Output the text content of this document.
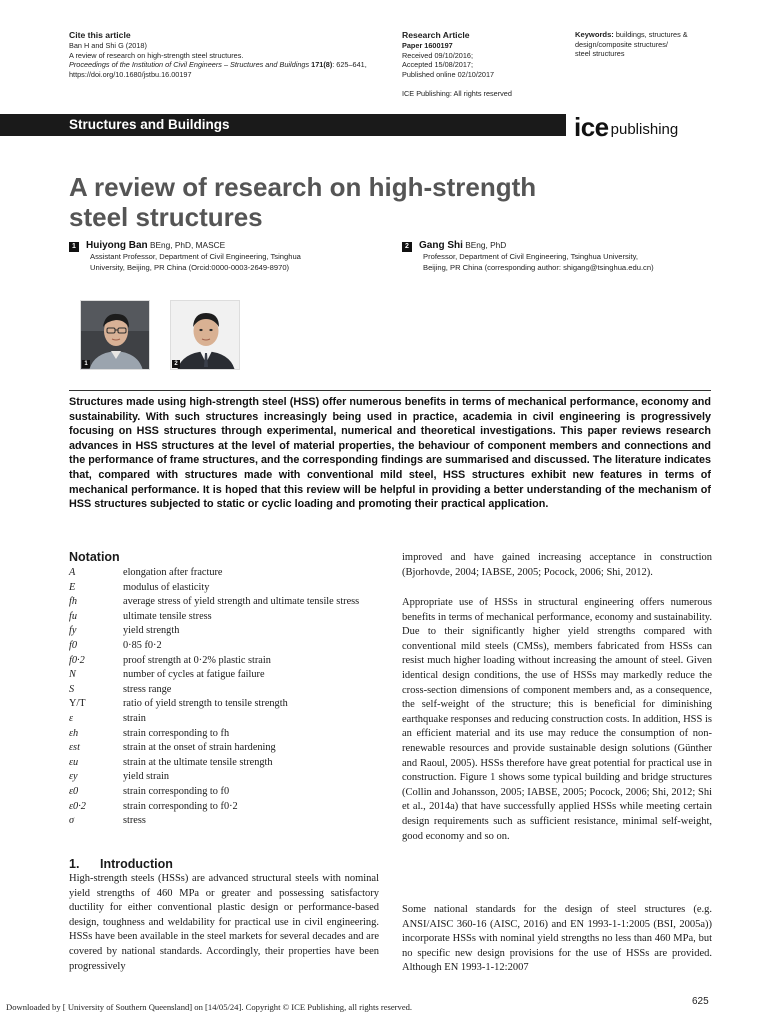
Cite this article
Ban H and Shi G (2018)
A review of research on high-strength steel structures.
Proceedings of the Institution of Civil Engineers – Structures and Buildings 171(8): 625–641,
https://doi.org/10.1680/jstbu.16.00197
Research Article
Paper 1600197
Received 09/10/2016;
Accepted 15/08/2017;
Published online 02/10/2017
ICE Publishing: All rights reserved
Keywords: buildings, structures &
design/composite structures/
steel structures
Structures and Buildings	ice publishing
A review of research on high-strength
steel structures
1 Huiyong Ban BEng, PhD, MASCE
Assistant Professor, Department of Civil Engineering, Tsinghua
University, Beijing, PR China (Orcid:0000-0003-2649-8970)
2 Gang Shi BEng, PhD
Professor, Department of Civil Engineering, Tsinghua University,
Beijing, PR China (corresponding author: shigang@tsinghua.edu.cn)
1	2
Structures made using high-strength steel (HSS) offer numerous benefits in terms of mechanical performance, economy and sustainability. With such structures increasingly being used in practice, academia in civil engineering is progressively focusing on HSS structures through experimental, numerical and theoretical investigations. This paper reviews research advances in HSS structures at the level of material properties, the behaviour of component members and connections and the performance of frame structures, and the corresponding findings are summarised and discussed. The literature indicates that, compared with structures made with conventional mild steel, HSS structures exhibit new features in terms of mechanical performance. It is hoped that this review will be helpful in providing a better understanding of the mechanism of HSS structures subjected to static or cyclic loading and promoting their practical application.
Notation
A	elongation after fracture
E	modulus of elasticity
fh	average stress of yield strength and ultimate tensile stress
fu	ultimate tensile stress
fy	yield strength
f0	0·85 f0·2
f0·2	proof strength at 0·2% plastic strain
N	number of cycles at fatigue failure
S	stress range
Y/T	ratio of yield strength to tensile strength
ε	strain
εh	strain corresponding to fh
εst	strain at the onset of strain hardening
εu	strain at the ultimate tensile strength
εy	yield strain
ε0	strain corresponding to f0
ε0·2	strain corresponding to f0·2
σ	stress
1. Introduction
High-strength steels (HSSs) are advanced structural steels with nominal yield strengths of 460 MPa or greater and possessing satisfactory ductility for either conventional plastic design or performance-based design, toughness and weldability for practical use in civil engineering. HSSs have been available in the steel markets for several decades and are covered by national standards. Accordingly, their properties have been progressively
improved and have gained increasing acceptance in construction (Bjorhovde, 2004; IABSE, 2005; Pocock, 2006; Shi, 2012).
Appropriate use of HSSs in structural engineering offers numerous benefits in terms of mechanical performance, economy and sustainability. Due to their significantly higher yield strengths compared with conventional mild steels (CMSs), members fabricated from HSSs can resist much higher loading without increasing the amount of steel. Given identical design conditions, the use of HSSs may markedly reduce the cross-section dimensions of component members and, as a consequence, the self-weight of the structure; this is beneficial for diminishing earthquake responses and reducing construction costs. In addition, HSS is an efficient material and its use may reduce the consumption of non-renewable resources and provide sustainable design solutions (Günther and Raoul, 2005). HSSs therefore have great potential for practical use in construction. Figure 1 shows some typical building and bridge structures (Collin and Johansson, 2005; IABSE, 2005; Pocock, 2006; Shi, 2012; Shi et al., 2014a) that have successfully applied HSSs while meeting certain design requirements such as sufficient resistance, minimal self-weight, good economy and so on.
Some national standards for the design of steel structures (e.g. ANSI/AISC 360-16 (AISC, 2016) and EN 1993-1-1:2005 (BSI, 2005a)) incorporate HSSs with nominal yield strengths no less than 460 MPa, but no specific new design provisions for the use of HSSs are provided. Although EN 1993-1-12:2007
Downloaded by [ University of Southern Queensland] on [14/05/24]. Copyright © ICE Publishing, all rights reserved.	625
